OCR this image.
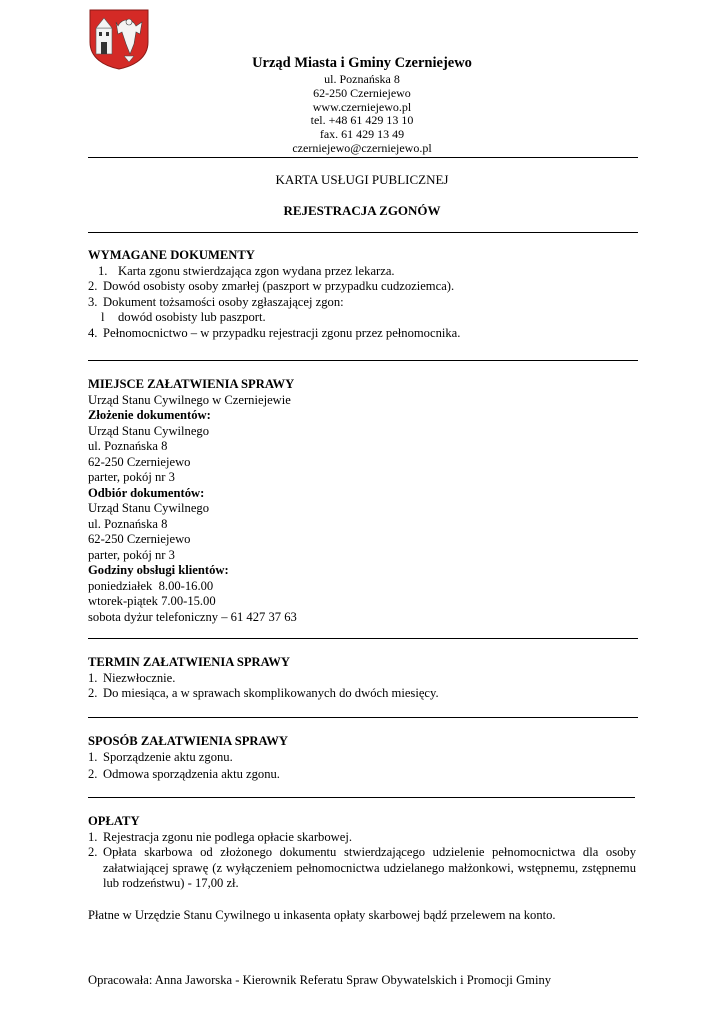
Urząd Miasta i Gminy Czerniejewo
ul. Poznańska 8
62-250 Czerniejewo
www.czerniejewo.pl
tel. +48 61 429 13 10
fax. 61 429 13 49
czerniejewo@czerniejewo.pl
KARTA USŁUGI PUBLICZNEJ
REJESTRACJA ZGONÓW
WYMAGANE DOKUMENTY
1. Karta zgonu stwierdzająca zgon wydana przez lekarza.
2. Dowód osobisty osoby zmarłej (paszport w przypadku cudzoziemca).
3. Dokument tożsamości osoby zgłaszającej zgon:
l dowód osobisty lub paszport.
4. Pełnomocnictwo – w przypadku rejestracji zgonu przez pełnomocnika.
MIEJSCE ZAŁATWIENIA SPRAWY
Urząd Stanu Cywilnego w Czerniejewie
Złożenie dokumentów:
Urząd Stanu Cywilnego
ul. Poznańska 8
62-250 Czerniejewo
parter, pokój nr 3
Odbiór dokumentów:
Urząd Stanu Cywilnego
ul. Poznańska 8
62-250 Czerniejewo
parter, pokój nr 3
Godziny obsługi klientów:
poniedziałek  8.00-16.00
wtorek-piątek 7.00-15.00
sobota dyżur telefoniczny – 61 427 37 63
TERMIN ZAŁATWIENIA SPRAWY
1. Niezwłocznie.
2. Do miesiąca, a w sprawach skomplikowanych do dwóch miesięcy.
SPOSÓB ZAŁATWIENIA SPRAWY
1. Sporządzenie aktu zgonu.
2. Odmowa sporządzenia aktu zgonu.
OPŁATY
1. Rejestracja zgonu nie podlega opłacie skarbowej.
2. Opłata skarbowa od złożonego dokumentu stwierdzającego udzielenie pełnomocnictwa dla osoby załatwiającej sprawę (z wyłączeniem pełnomocnictwa udzielanego małżonkowi, wstępnemu, zstępnemu lub rodzeństwu) - 17,00 zł.
Płatne w Urzędzie Stanu Cywilnego u inkasenta opłaty skarbowej bądź przelewem na konto.
Opracowała: Anna Jaworska - Kierownik Referatu Spraw Obywatelskich i Promocji Gminy
